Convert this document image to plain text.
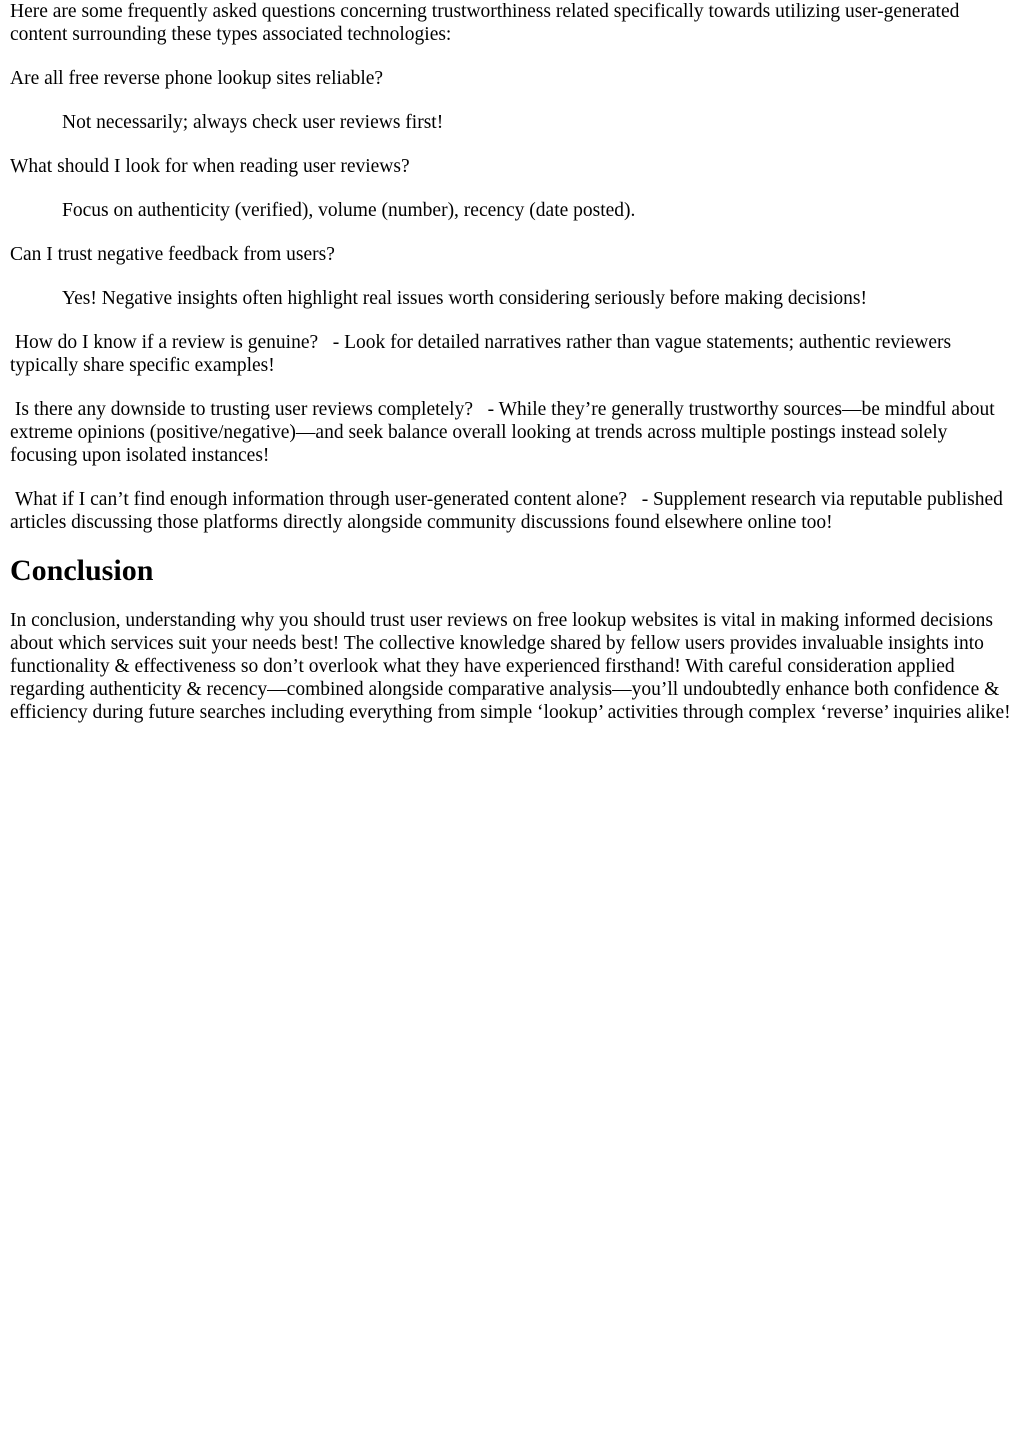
Here are some frequently asked questions concerning trustworthiness related specifically towards utilizing user-generated content surrounding these types associated technologies:

Are all free reverse phone lookup sites reliable?

Not necessarily; always check user reviews first!

What should I look for when reading user reviews?

Focus on authenticity (verified), volume (number), recency (date posted).

Can I trust negative feedback from users?

Yes! Negative insights often highlight real issues worth considering seriously before making decisions!

How do I know if a review is genuine?   - Look for detailed narratives rather than vague statements; authentic reviewers typically share specific examples!

Is there any downside to trusting user reviews completely?   - While they’re generally trustworthy sources—be mindful about extreme opinions (positive/negative)—and seek balance overall looking at trends across multiple postings instead solely focusing upon isolated instances!

What if I can’t find enough information through user-generated content alone?   - Supplement research via reputable published articles discussing those platforms directly alongside community discussions found elsewhere online too!

Conclusion

In conclusion, understanding why you should trust user reviews on free lookup websites is vital in making informed decisions about which services suit your needs best! The collective knowledge shared by fellow users provides invaluable insights into functionality & effectiveness so don’t overlook what they have experienced firsthand! With careful consideration applied regarding authenticity & recency—combined alongside comparative analysis—you’ll undoubtedly enhance both confidence & efficiency during future searches including everything from simple ‘lookup’ activities through complex ‘reverse’ inquiries alike!
